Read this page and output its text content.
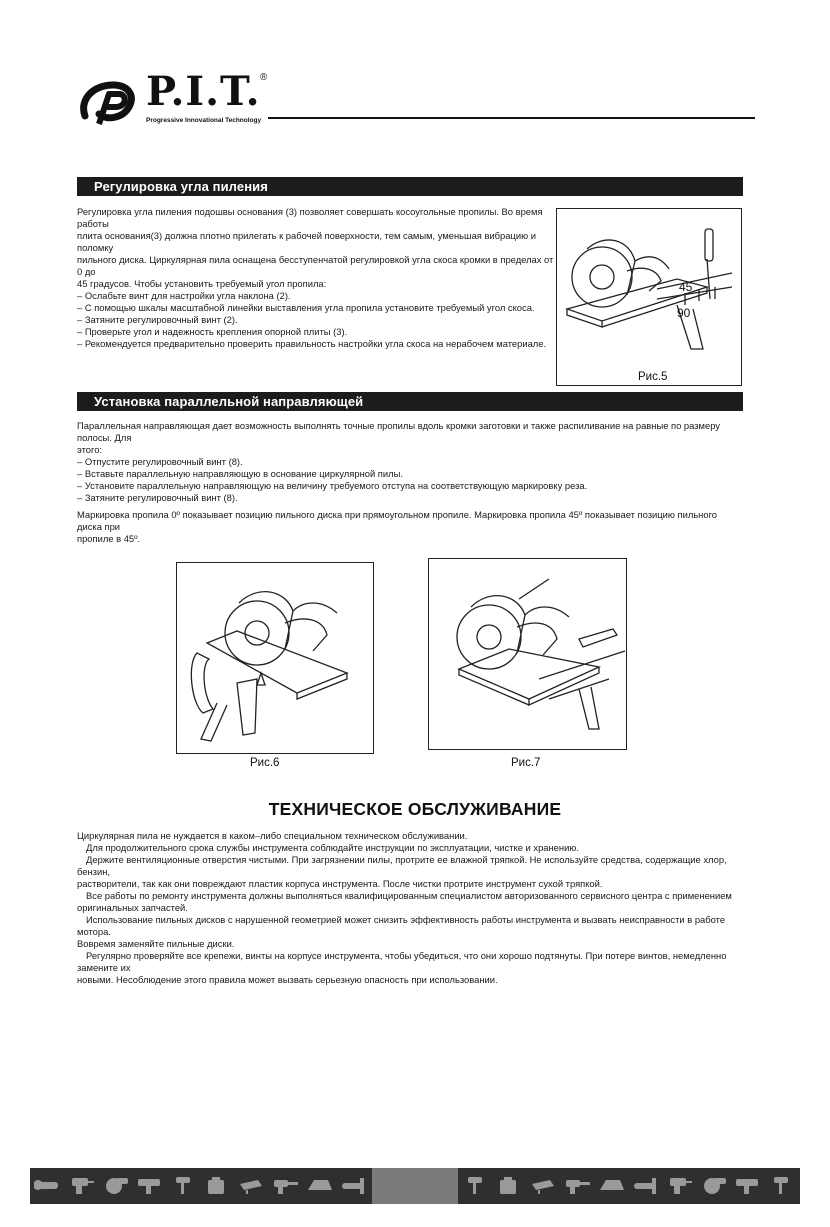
P.I.T. ®
Progressive Innovational Technology
Регулировка угла пиления

Регулировка угла пиления подошвы основания (3) позволяет совершать косоугольные пропилы. Во время работы

плита основания(3) должна плотно прилегать к рабочей поверхности, тем самым, уменьшая вибрацию и поломку

пильного диска. Циркулярная пила оснащена бесступенчатой регулировкой угла скоса кромки в пределах от 0 до

45 градусов. Чтобы установить требуемый угол пропила:

– Ослабьте винт для настройки угла наклона (2).

– С помощью шкалы масштабной линейки выставления угла пропила установите требуемый угол скоса.

– Затяните регулировочный винт (2).

– Проверьте угол и надежность крепления опорной плиты (3).

– Рекомендуется предварительно проверить правильность настройки угла скоса на нерабочем материале.

45
90
Рис.5
Установка параллельной направляющей

Параллельная направляющая дает возможность выполнять точные пропилы вдоль кромки заготовки и также распиливание на равные по размеру полосы. Для

этого:

– Отпустите регулировочный винт (8).

– Вставьте параллельную направляющую в основание циркулярной пилы.

– Установите параллельную направляющую на величину требуемого отступа на соответствующую маркировку реза.

– Затяните регулировочный винт (8).

Маркировка пропила 0º показывает позицию пильного диска при прямоугольном пропиле. Маркировка пропила 45º показывает позицию пильного диска при

пропиле в 45º.

Рис.6	Рис.7
ТЕХНИЧЕСКОЕ ОБСЛУЖИВАНИЕ

Циркулярная пила не нуждается в каком–либо специальном техническом обслуживании.

Для продолжительного срока службы инструмента соблюдайте инструкции по эксплуатации, чистке и хранению.

Держите вентиляционные отверстия чистыми. При загрязнении пилы, протрите ее влажной тряпкой. Не используйте средства, содержащие хлор, бензин,

растворители, так как они повреждают пластик корпуса инструмента. После чистки протрите инструмент сухой тряпкой.

Все работы по ремонту инструмента должны выполняться квалифицированным специалистом авторизованного сервисного центра с применением

оригинальных запчастей.

Использование пильных дисков с нарушенной геометрией может снизить эффективность работы инструмента и вызвать неисправности в работе мотора.

Вовремя заменяйте пильные диски.

Регулярно проверяйте все крепежи, винты на корпусе инструмента, чтобы убедиться, что они хорошо подтянуты. При потере винтов, немедленно замените их

новыми. Несоблюдение этого правила может вызвать серьезную опасность при использовании.
